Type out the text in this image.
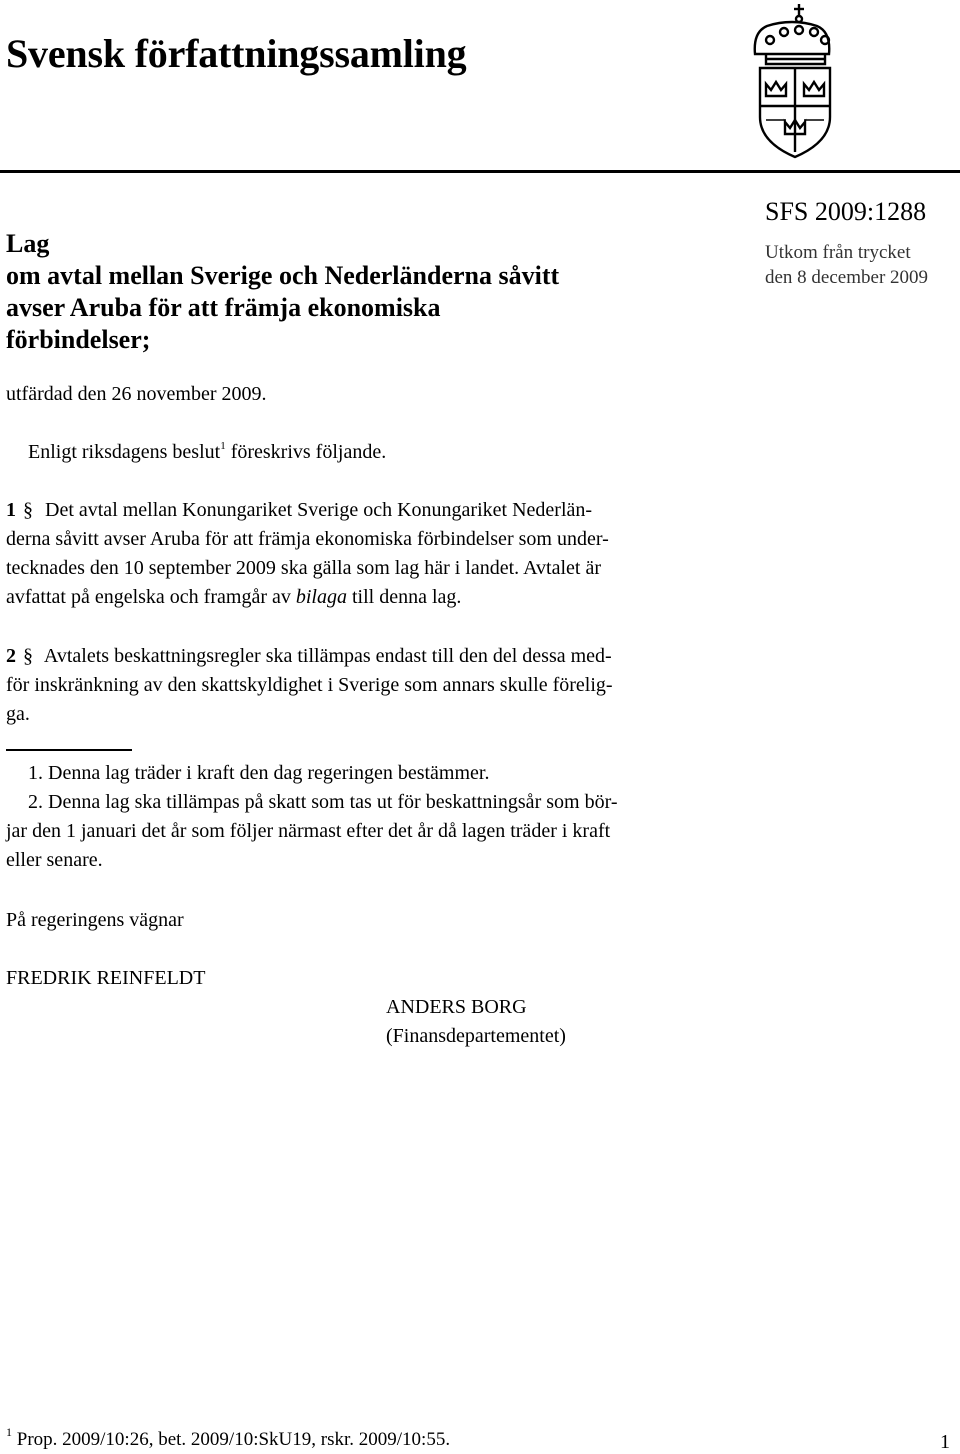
Svensk författningssamling
Lag
om avtal mellan Sverige och Nederländerna såvitt
avser Aruba för att främja ekonomiska
förbindelser;
SFS 2009:1288
Utkom från trycket
den 8 december 2009
utfärdad den 26 november 2009.
Enligt riksdagens beslut$^1$ föreskrivs följande.
1 § Det avtal mellan Konungariket Sverige och Konungariket Nederlän-
derna såvitt avser Aruba för att främja ekonomiska förbindelser som under-
tecknades den 10 september 2009 ska gälla som lag här i landet. Avtalet är
avfattat på engelska och framgår av bilaga till denna lag.
2 § Avtalets beskattningsregler ska tillämpas endast till den del dessa med-
för inskränkning av den skattskyldighet i Sverige som annars skulle förelig-
ga.
1. Denna lag träder i kraft den dag regeringen bestämmer.
2. Denna lag ska tillämpas på skatt som tas ut för beskattningsår som bör-
jar den 1 januari det år som följer närmast efter det år då lagen träder i kraft
eller senare.
På regeringens vägnar
FREDRIK REINFELDT
ANDERS BORG
(Finansdepartementet)
$^1$ Prop. 2009/10:26, bet. 2009/10:SkU19, rskr. 2009/10:55.	1
